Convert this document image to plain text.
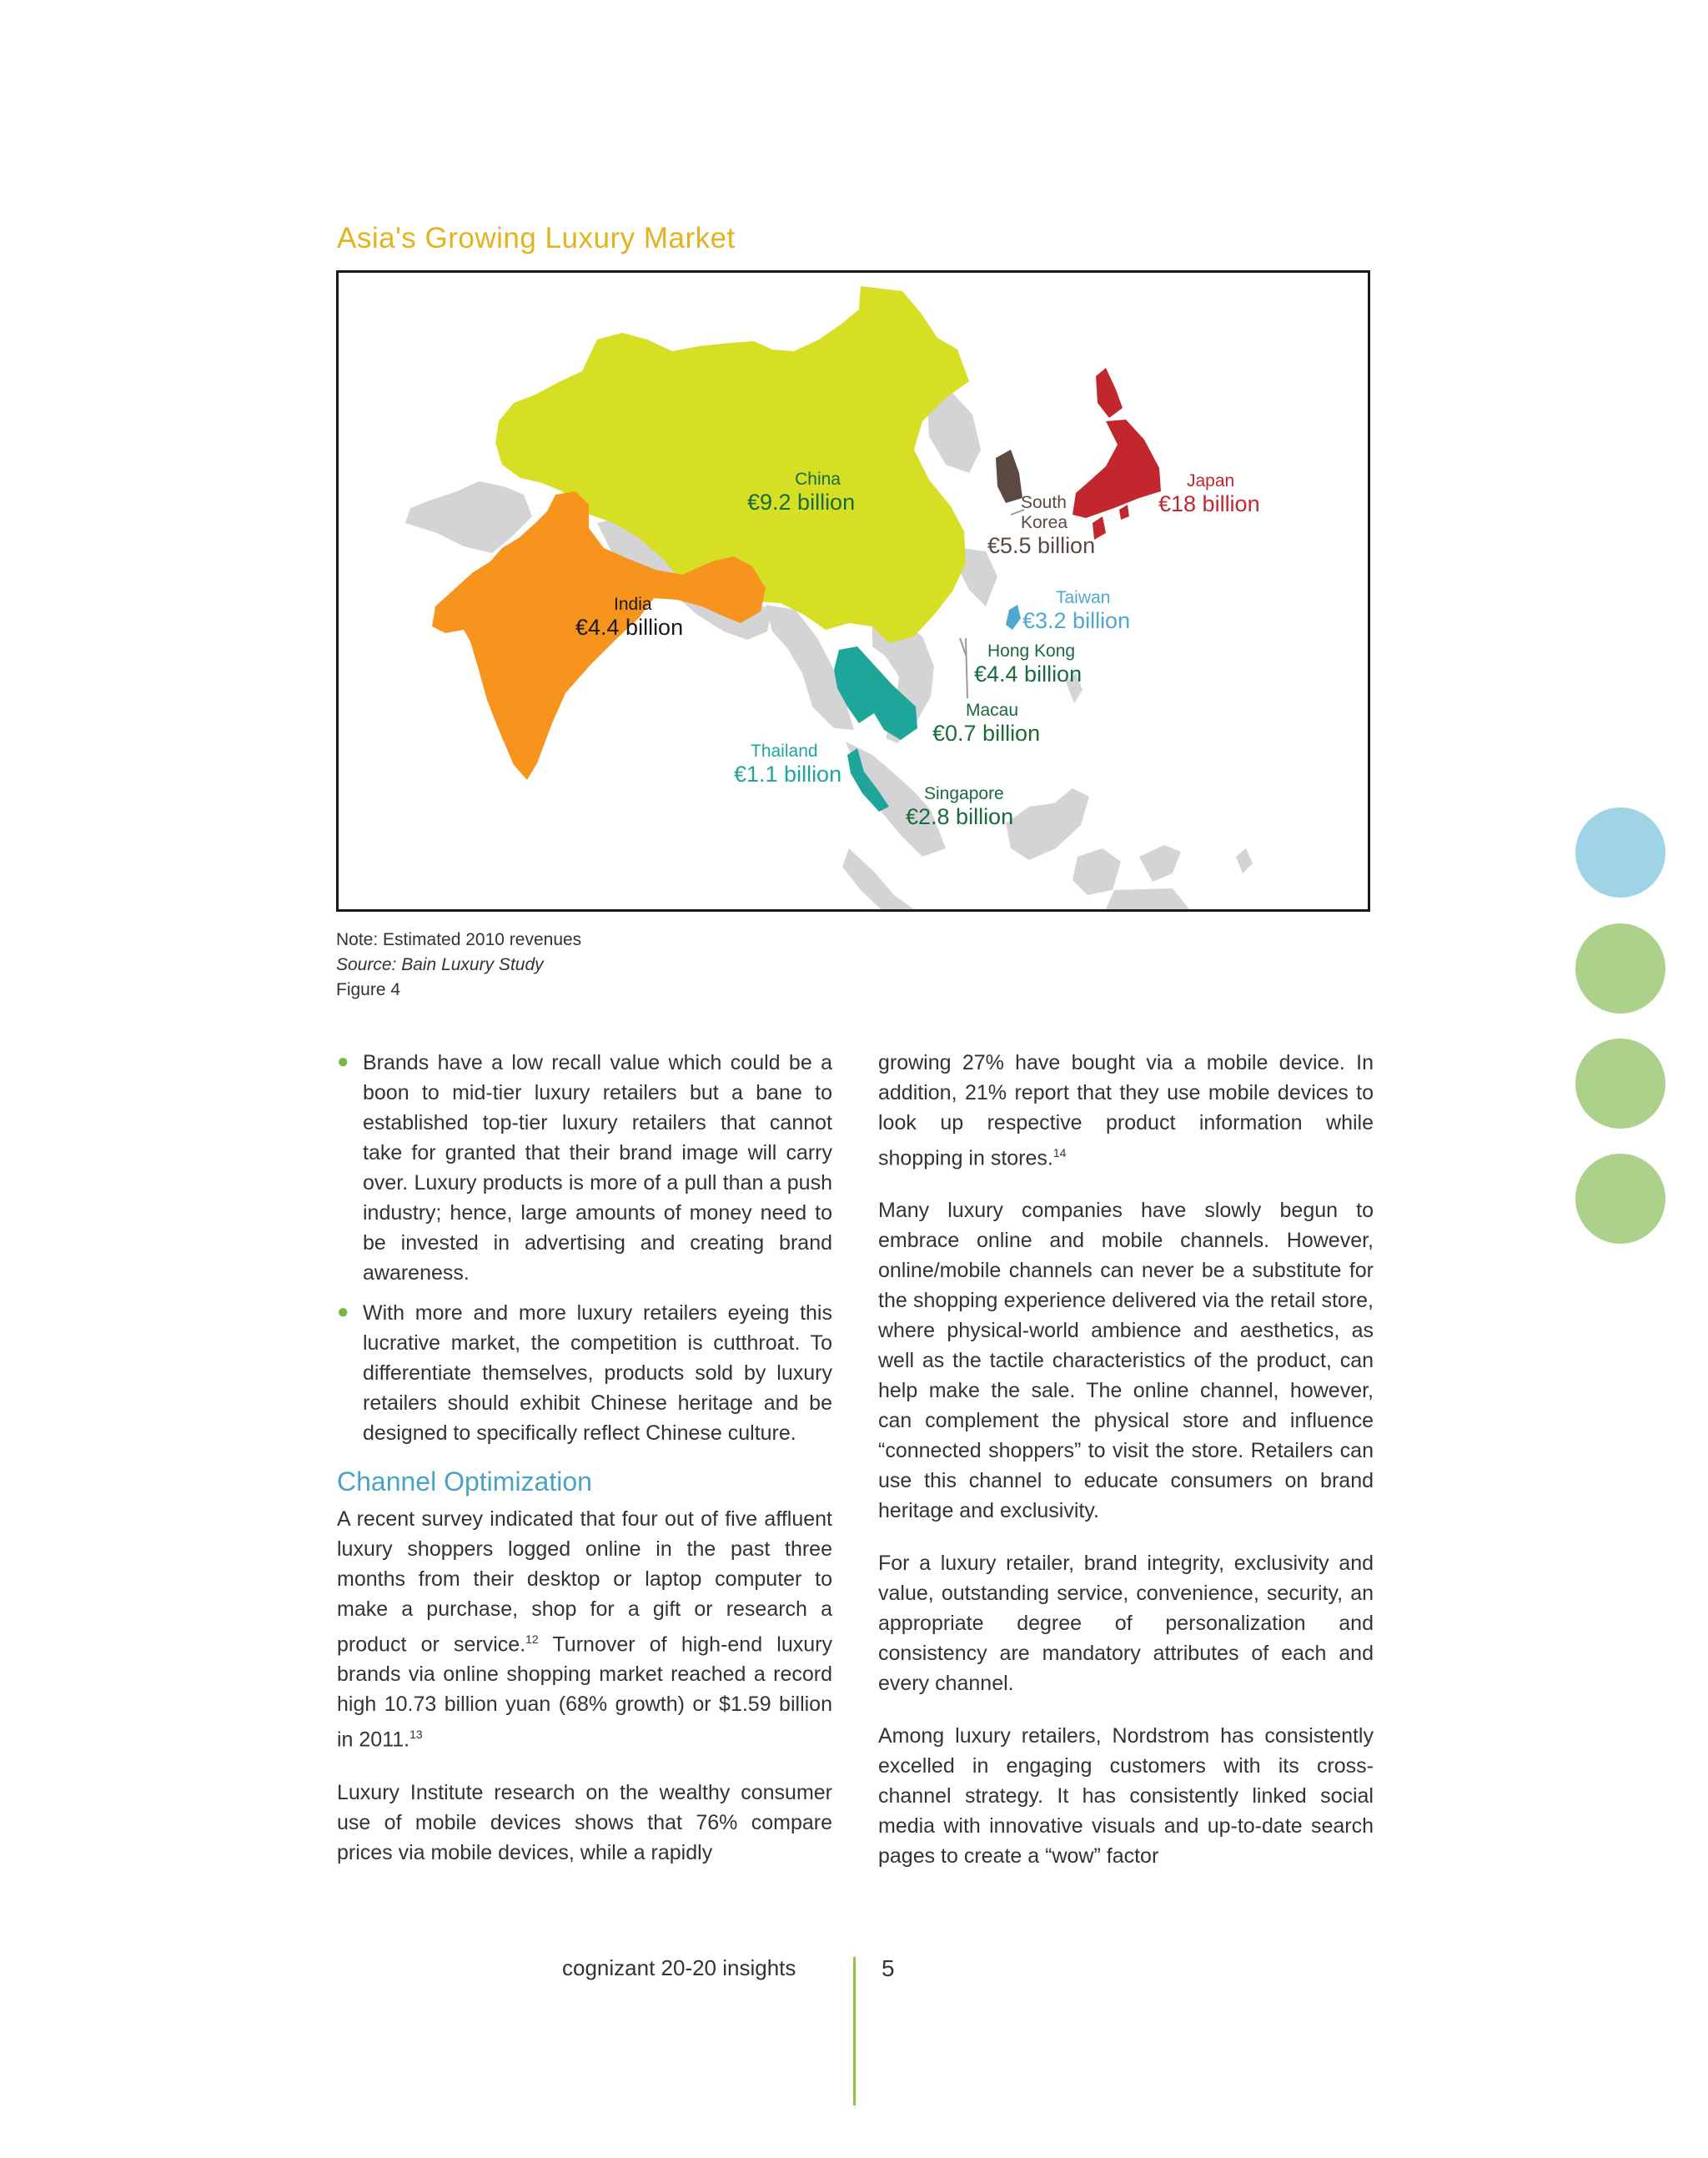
Asia's Growing Luxury Market
China
€9.2 billion
Japan
€18 billion
South Korea
€5.5 billion
Taiwan
€3.2 billion
Hong Kong
€4.4 billion
India
€4.4 billion
Macau
€0.7 billion
Thailand
€1.1 billion
Singapore
€2.8 billion
Note: Estimated 2010 revenues
Source: Bain Luxury Study
Figure 4
● Brands have a low recall value which could be a boon to mid-tier luxury retailers but a bane to established top-tier luxury retailers that cannot take for granted that their brand image will carry over. Luxury products is more of a pull than a push industry; hence, large amounts of money need to be invested in advertising and creating brand awareness.
● With more and more luxury retailers eyeing this lucrative market, the competition is cutthroat. To differentiate themselves, products sold by luxury retailers should exhibit Chinese heritage and be designed to specifically reflect Chinese culture.
Channel Optimization

A recent survey indicated that four out of five affluent luxury shoppers logged online in the past three months from their desktop or laptop computer to make a purchase, shop for a gift or research a product or service.$^{12}$ Turnover of high-end luxury brands via online shopping market reached a record high 10.73 billion yuan (68% growth) or $1.59 billion in 2011.13

Luxury Institute research on the wealthy consumer use of mobile devices shows that 76% compare prices via mobile devices, while a rapidly

growing 27% have bought via a mobile device. In addition, 21% report that they use mobile devices to look up respective product information while shopping in stores.$^{14}$

Many luxury companies have slowly begun to embrace online and mobile channels. However, online/mobile channels can never be a substitute for the shopping experience delivered via the retail store, where physical-world ambience and aesthetics, as well as the tactile characteristics of the product, can help make the sale. The online channel, however, can complement the physical store and influence “connected shoppers” to visit the store. Retailers can use this channel to educate consumers on brand heritage and exclusivity.

For a luxury retailer, brand integrity, exclusivity and value, outstanding service, convenience, security, an appropriate degree of personalization and consistency are mandatory attributes of each and every channel.

Among luxury retailers, Nordstrom has consistently excelled in engaging customers with its cross-channel strategy. It has consistently linked social media with innovative visuals and up-to-date search pages to create a “wow” factor

cognizant 20-20 insights	5
